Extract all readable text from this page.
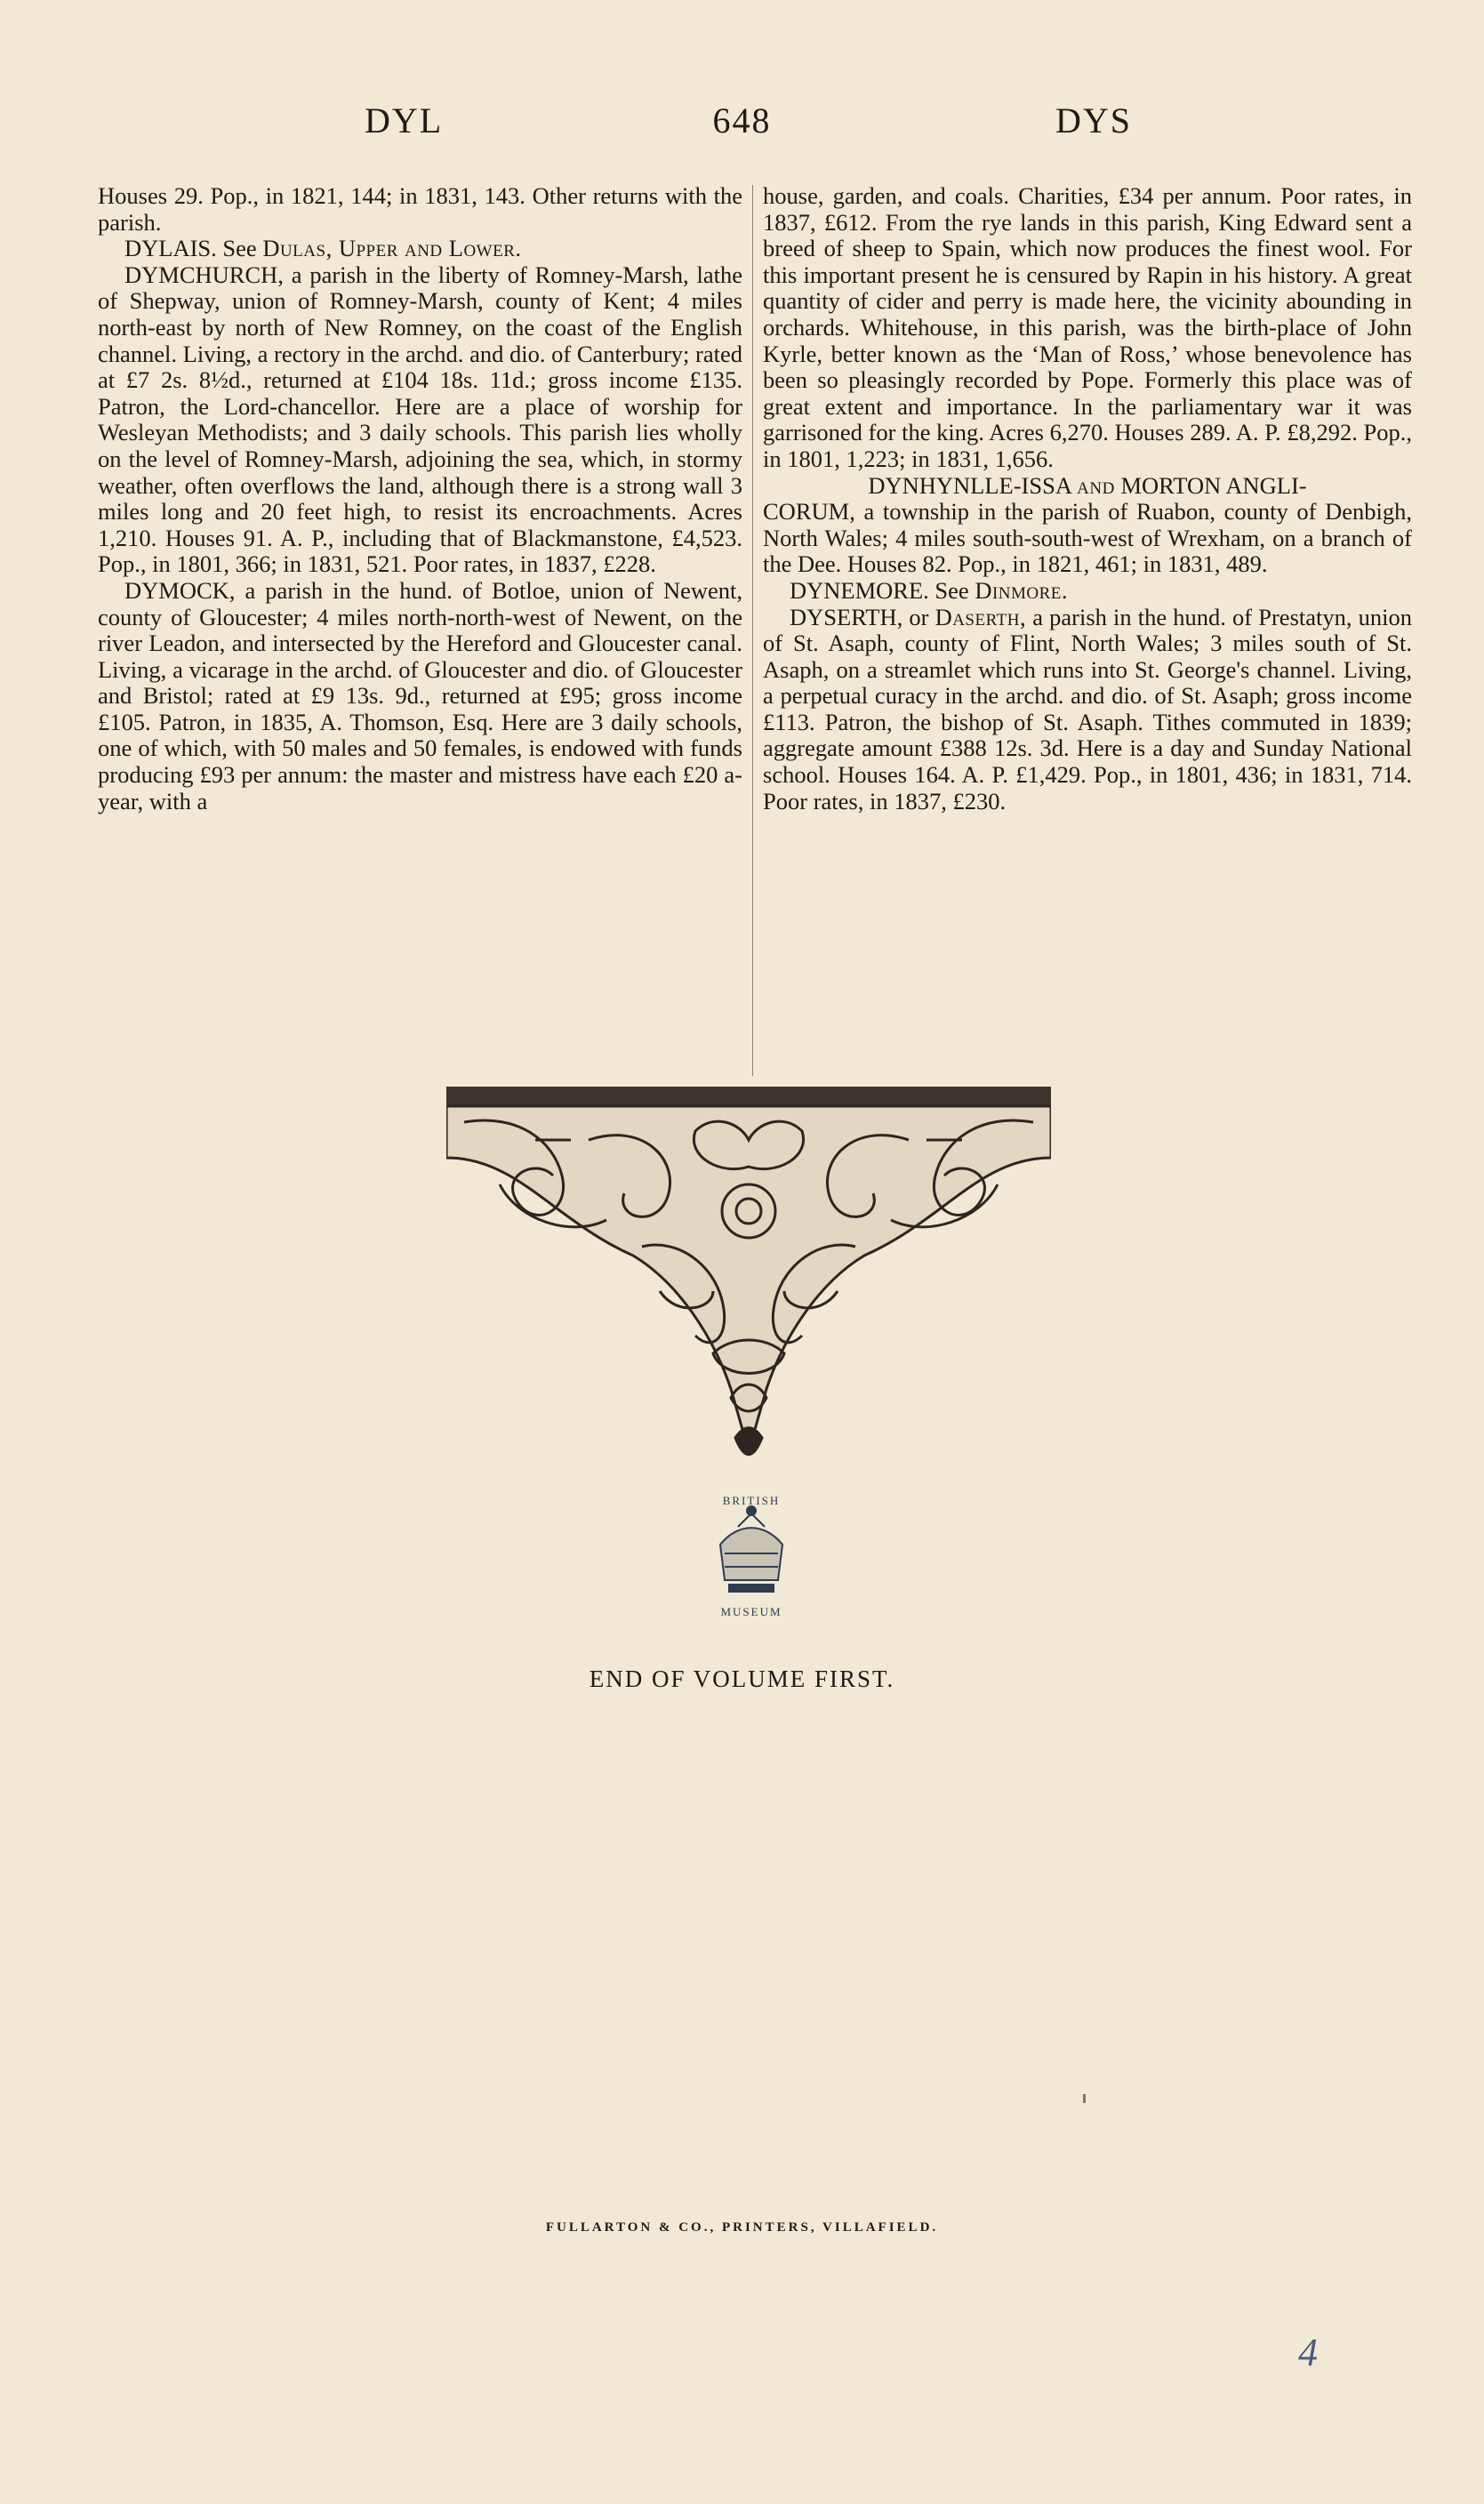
DYL	648	DYS

Houses 29. Pop., in 1821, 144; in 1831, 143. Other returns with the parish.

DYLAIS. See Dulas, Upper and Lower.

DYMCHURCH, a parish in the liberty of Romney-Marsh, lathe of Shepway, union of Romney-Marsh, county of Kent; 4 miles north-east by north of New Romney, on the coast of the English channel. Living, a rectory in the archd. and dio. of Canterbury; rated at £7 2s. 8½d., returned at £104 18s. 11d.; gross income £135. Patron, the Lord-chancellor. Here are a place of worship for Wesleyan Methodists; and 3 daily schools. This parish lies wholly on the level of Romney-Marsh, adjoining the sea, which, in stormy weather, often overflows the land, although there is a strong wall 3 miles long and 20 feet high, to resist its encroachments. Acres 1,210. Houses 91. A. P., including that of Blackmanstone, £4,523. Pop., in 1801, 366; in 1831, 521. Poor rates, in 1837, £228.

DYMOCK, a parish in the hund. of Botloe, union of Newent, county of Gloucester; 4 miles north-north-west of Newent, on the river Leadon, and intersected by the Hereford and Gloucester canal. Living, a vicarage in the archd. of Gloucester and dio. of Gloucester and Bristol; rated at £9 13s. 9d., returned at £95; gross income £105. Patron, in 1835, A. Thomson, Esq. Here are 3 daily schools, one of which, with 50 males and 50 females, is endowed with funds producing £93 per annum: the master and mistress have each £20 a-year, with a

house, garden, and coals. Charities, £34 per annum. Poor rates, in 1837, £612. From the rye lands in this parish, King Edward sent a breed of sheep to Spain, which now produces the finest wool. For this important present he is censured by Rapin in his history. A great quantity of cider and perry is made here, the vicinity abounding in orchards. Whitehouse, in this parish, was the birth-place of John Kyrle, better known as the ‘Man of Ross,’ whose benevolence has been so pleasingly recorded by Pope. Formerly this place was of great extent and importance. In the parliamentary war it was garrisoned for the king. Acres 6,270. Houses 289. A. P. £8,292. Pop., in 1801, 1,223; in 1831, 1,656.

DYNHYNLLE-ISSA and MORTON ANGLI-

CORUM, a township in the parish of Ruabon, county of Denbigh, North Wales; 4 miles south-south-west of Wrexham, on a branch of the Dee. Houses 82. Pop., in 1821, 461; in 1831, 489.

DYNEMORE. See Dinmore.

DYSERTH, or Daserth, a parish in the hund. of Prestatyn, union of St. Asaph, county of Flint, North Wales; 3 miles south of St. Asaph, on a streamlet which runs into St. George's channel. Living, a perpetual curacy in the archd. and dio. of St. Asaph; gross income £113. Patron, the bishop of St. Asaph. Tithes commuted in 1839; aggregate amount £388 12s. 3d. Here is a day and Sunday National school. Houses 164. A. P. £1,429. Pop., in 1801, 436; in 1831, 714. Poor rates, in 1837, £230.

BRITISH
MUSEUM
END OF VOLUME FIRST.
FULLARTON & CO., PRINTERS, VILLAFIELD.
4
